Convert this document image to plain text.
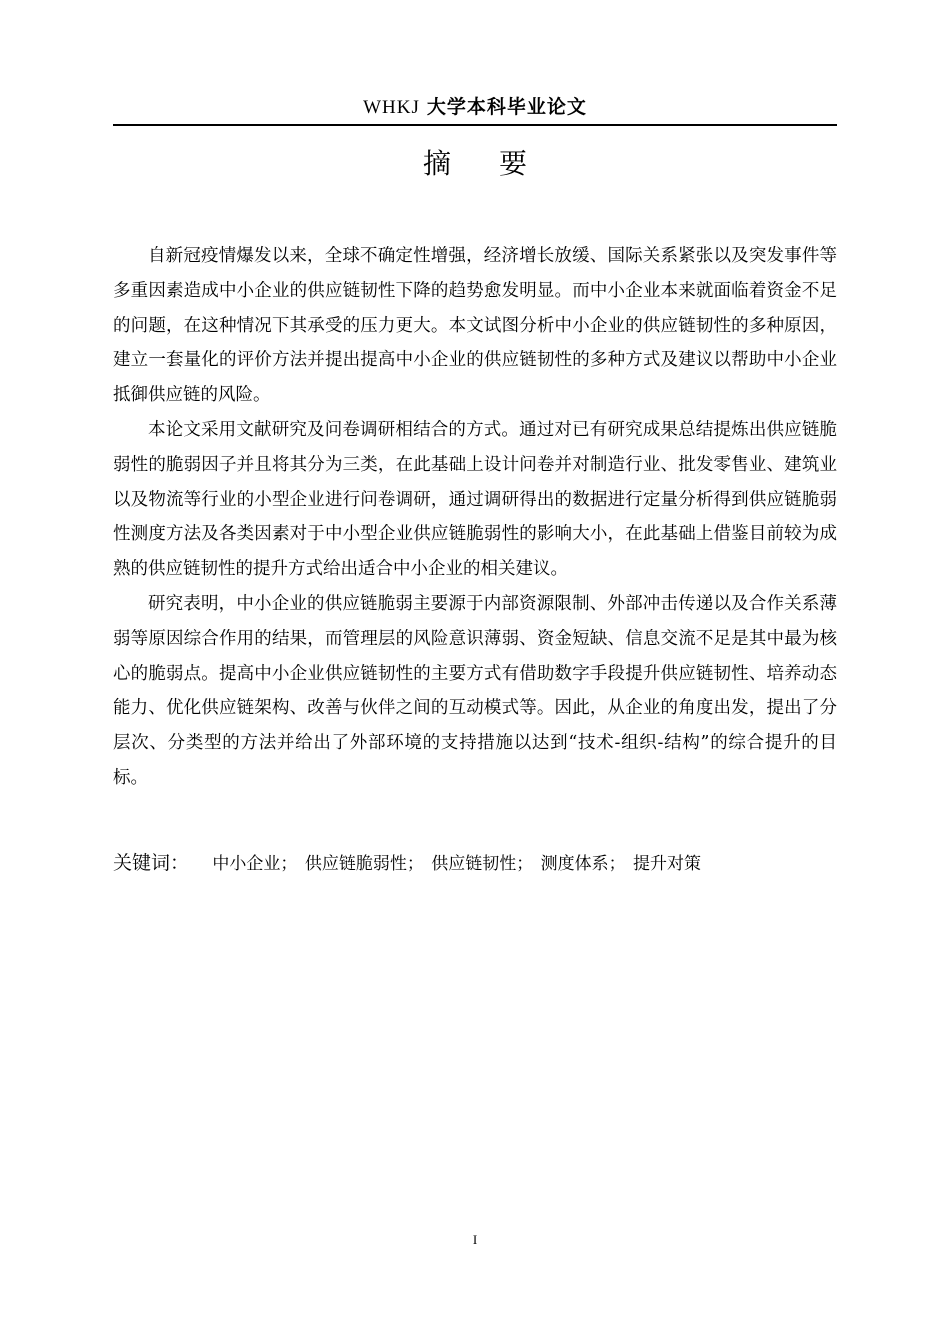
WHKJ 大学本科毕业论文
摘要

自新冠疫情爆发以来，全球不确定性增强，经济增长放缓、国际关系紧张以及突发事件等多重因素造成中小企业的供应链韧性下降的趋势愈发明显。而中小企业本来就面临着资金不足的问题，在这种情况下其承受的压力更大。本文试图分析中小企业的供应链韧性的多种原因，建立一套量化的评价方法并提出提高中小企业的供应链韧性的多种方式及建议以帮助中小企业抵御供应链的风险。

本论文采用文献研究及问卷调研相结合的方式。通过对已有研究成果总结提炼出供应链脆弱性的脆弱因子并且将其分为三类，在此基础上设计问卷并对制造行业、批发零售业、建筑业以及物流等行业的小型企业进行问卷调研，通过调研得出的数据进行定量分析得到供应链脆弱性测度方法及各类因素对于中小型企业供应链脆弱性的影响大小，在此基础上借鉴目前较为成熟的供应链韧性的提升方式给出适合中小企业的相关建议。

研究表明，中小企业的供应链脆弱主要源于内部资源限制、外部冲击传递以及合作关系薄弱等原因综合作用的结果，而管理层的风险意识薄弱、资金短缺、信息交流不足是其中最为核心的脆弱点。提高中小企业供应链韧性的主要方式有借助数字手段提升供应链韧性、培养动态能力、优化供应链架构、改善与伙伴之间的互动模式等。因此，从企业的角度出发，提出了分层次、分类型的方法并给出了外部环境的支持措施以达到“技术-组织-结构”的综合提升的目标。

关键词： 中小企业； 供应链脆弱性； 供应链韧性； 测度体系； 提升对策
I
